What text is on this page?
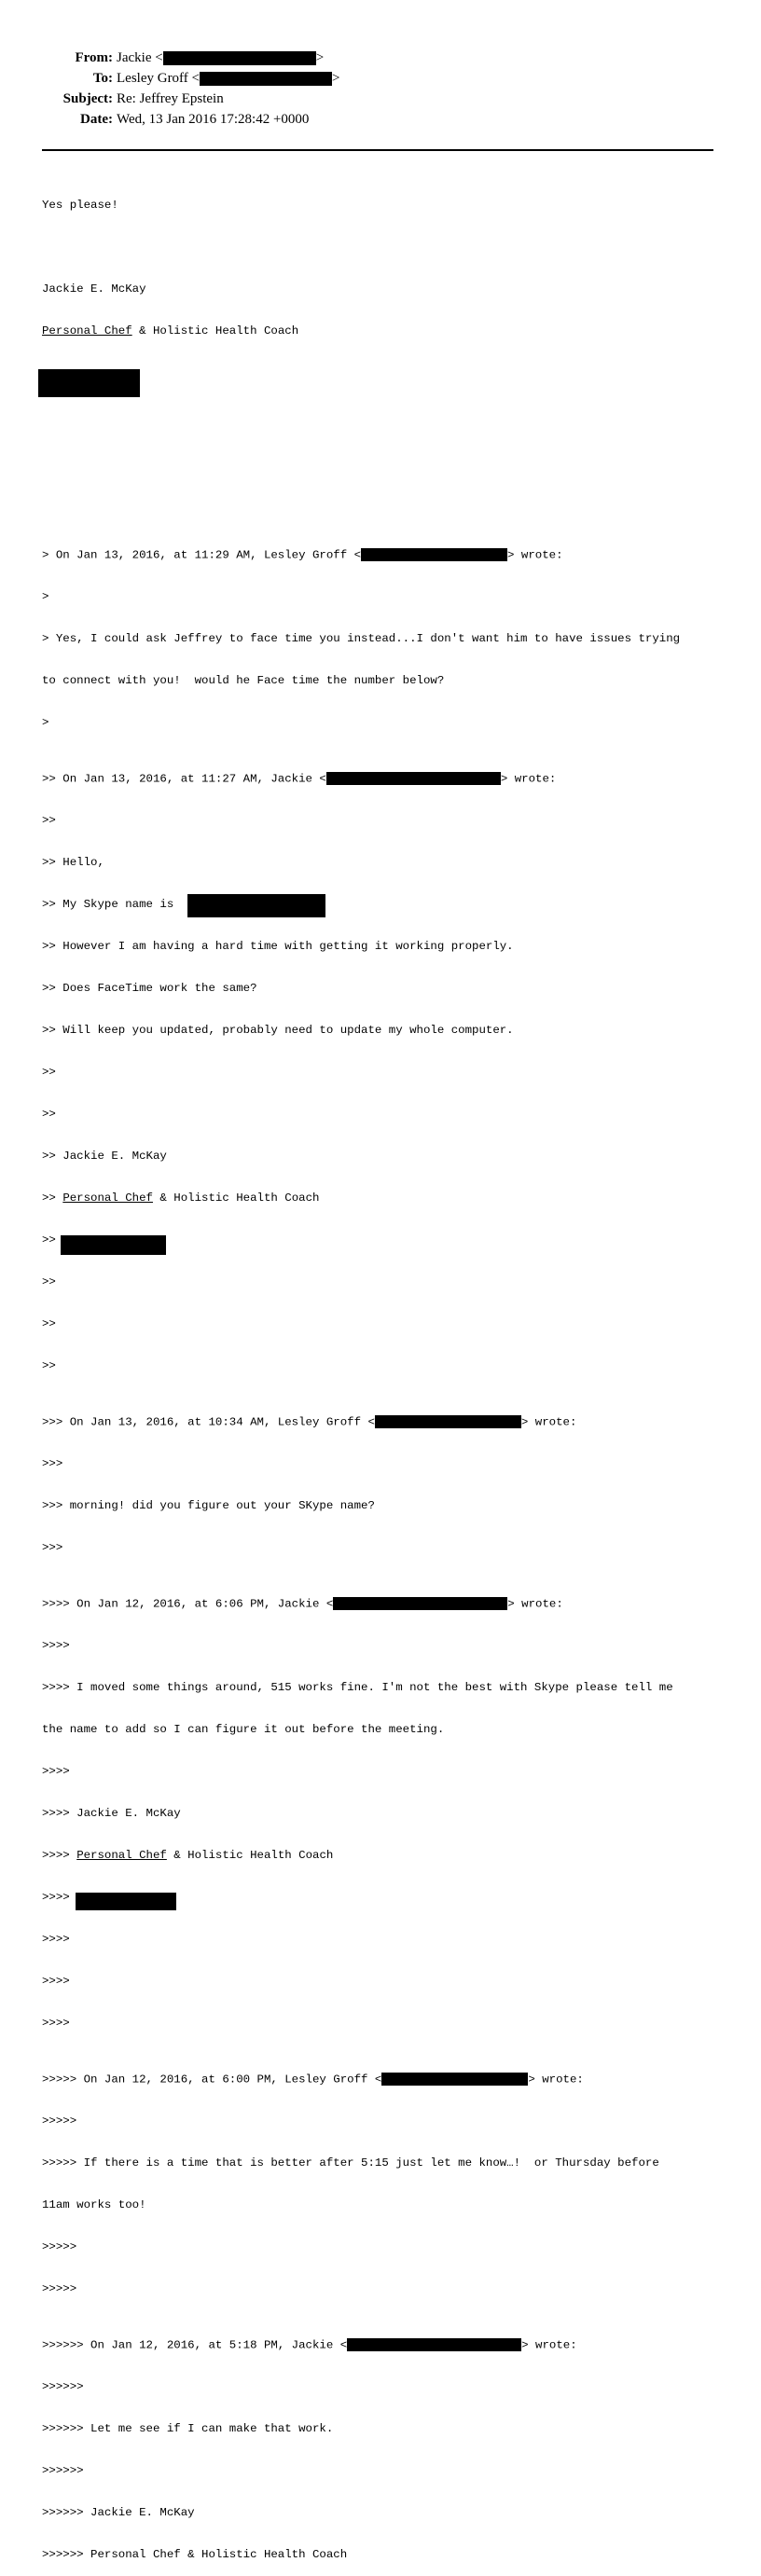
From: Jackie <	>
To: Lesley Groff <	>
Subject: Re: Jeffrey Epstein
Date: Wed, 13 Jan 2016 17:28:42 +0000

Yes please!

Jackie E. McKay

Personal Chef & Holistic Health Coach

> On Jan 13, 2016, at 11:29 AM, Lesley Groff <	> wrote:

>

> Yes, I could ask Jeffrey to face time you instead...I don't want him to have issues trying

to connect with you!  would he Face time the number below?

>

>> On Jan 13, 2016, at 11:27 AM, Jackie <	> wrote:

>>

>> Hello,

>> My Skype name is

>> However I am having a hard time with getting it working properly.

>> Does FaceTime work the same?

>> Will keep you updated, probably need to update my whole computer.

>>

>>

>> Jackie E. McKay

>> Personal Chef & Holistic Health Coach

>>

>>

>>

>>

>>> On Jan 13, 2016, at 10:34 AM, Lesley Groff <	> wrote:

>>>

>>> morning! did you figure out your SKype name?

>>>

>>>> On Jan 12, 2016, at 6:06 PM, Jackie <	> wrote:

>>>>

>>>> I moved some things around, 515 works fine. I'm not the best with Skype please tell me

the name to add so I can figure it out before the meeting.

>>>>

>>>> Jackie E. McKay

>>>> Personal Chef & Holistic Health Coach

>>>>

>>>>

>>>>

>>>>

>>>>> On Jan 12, 2016, at 6:00 PM, Lesley Groff <	> wrote:

>>>>>

>>>>> If there is a time that is better after 5:15 just let me know…!  or Thursday before

11am works too!

>>>>>

>>>>>

>>>>>> On Jan 12, 2016, at 5:18 PM, Jackie <	> wrote:

>>>>>>

>>>>>> Let me see if I can make that work.

>>>>>>

>>>>>> Jackie E. McKay

>>>>>> Personal Chef & Holistic Health Coach
